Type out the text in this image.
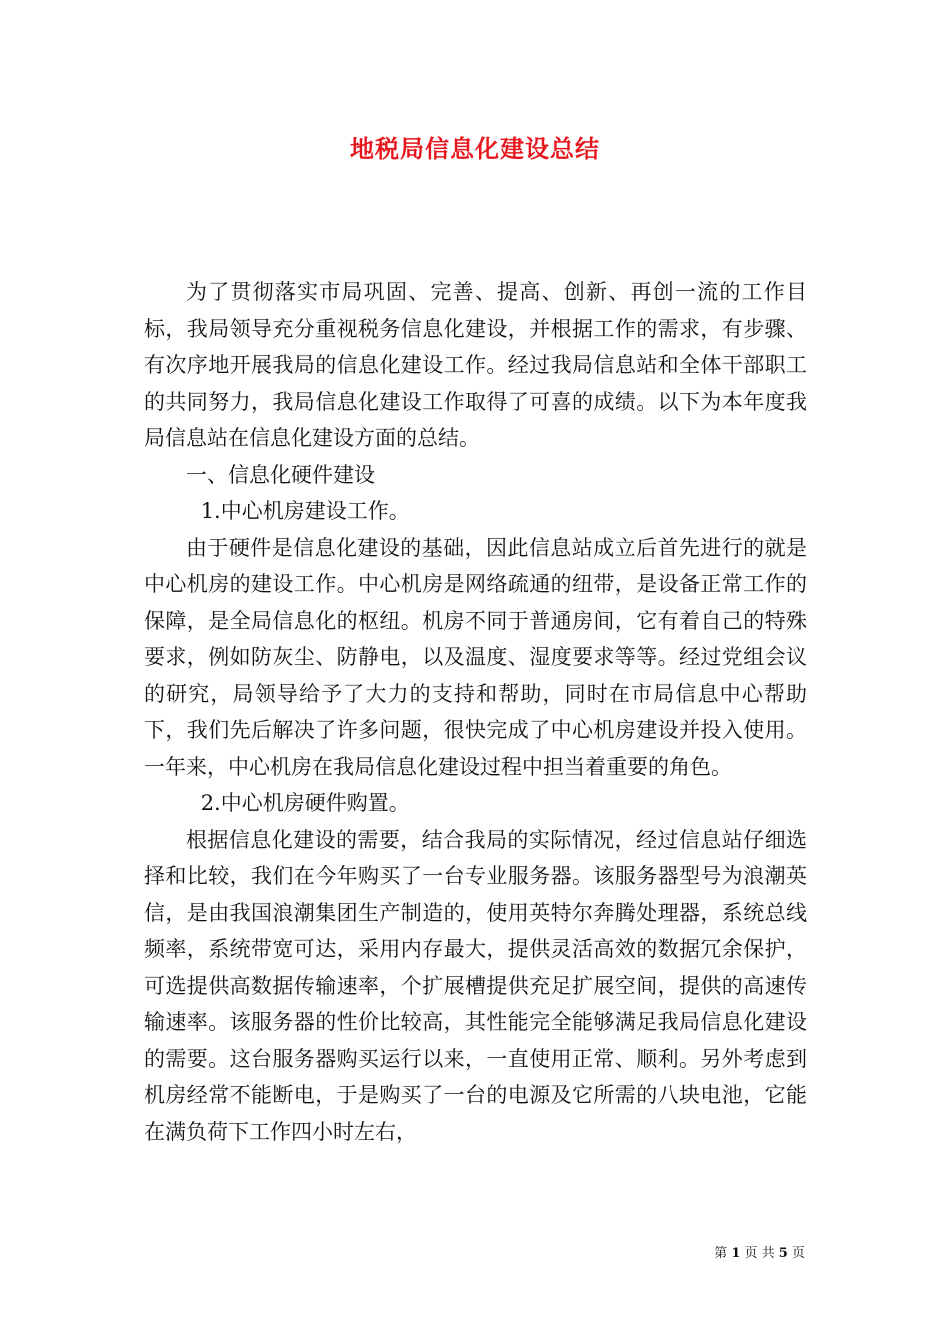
地税局信息化建设总结

为了贯彻落实市局巩固、完善、提高、创新、再创一流的工作目标，我局领导充分重视税务信息化建设，并根据工作的需求，有步骤、有次序地开展我局的信息化建设工作。经过我局信息站和全体干部职工的共同努力，我局信息化建设工作取得了可喜的成绩。以下为本年度我局信息站在信息化建设方面的总结。

一、信息化硬件建设

1.中心机房建设工作。

由于硬件是信息化建设的基础，因此信息站成立后首先进行的就是中心机房的建设工作。中心机房是网络疏通的纽带，是设备正常工作的保障，是全局信息化的枢纽。机房不同于普通房间，它有着自己的特殊要求，例如防灰尘、防静电，以及温度、湿度要求等等。经过党组会议的研究，局领导给予了大力的支持和帮助，同时在市局信息中心帮助下，我们先后解决了许多问题，很快完成了中心机房建设并投入使用。一年来，中心机房在我局信息化建设过程中担当着重要的角色。

2.中心机房硬件购置。

根据信息化建设的需要，结合我局的实际情况，经过信息站仔细选择和比较，我们在今年购买了一台专业服务器。该服务器型号为浪潮英信，是由我国浪潮集团生产制造的，使用英特尔奔腾处理器，系统总线频率，系统带宽可达，采用内存最大，提供灵活高效的数据冗余保护，可选提供高数据传输速率，个扩展槽提供充足扩展空间，提供的高速传输速率。该服务器的性价比较高，其性能完全能够满足我局信息化建设的需要。这台服务器购买运行以来，一直使用正常、顺利。另外考虑到机房经常不能断电，于是购买了一台的电源及它所需的八块电池，它能在满负荷下工作四小时左右，

第 1 页 共 5 页
